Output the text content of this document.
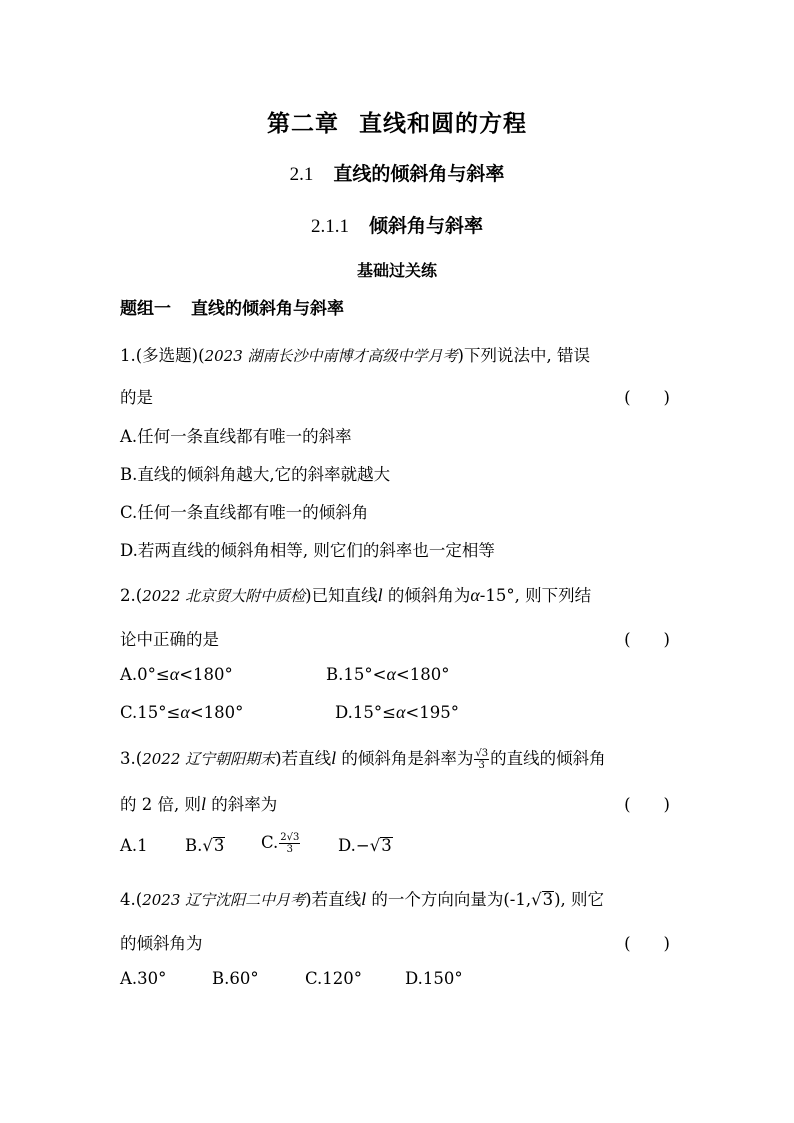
第二章 直线和圆的方程
2.1 直线的倾斜角与斜率
2.1.1 倾斜角与斜率
基础过关练
题组一 直线的倾斜角与斜率
1.(多选题)(2023 湖南长沙中南博才高级中学月考)下列说法中, 错误
的是	(　　)
A.任何一条直线都有唯一的斜率
B.直线的倾斜角越大,它的斜率就越大
C.任何一条直线都有唯一的倾斜角
D.若两直线的倾斜角相等, 则它们的斜率也一定相等
2.(2022 北京贸大附中质检)已知直线l 的倾斜角为α-15°, 则下列结
论中正确的是	(　　)
A.0°≤α<180°	B.15°<α<180°
C.15°≤α<180°	D.15°≤α<195°
3.(2022 辽宁朝阳期末)若直线l 的倾斜角是斜率为 $\frac{√3}{3}$ 的直线的倾斜角
的 2 倍, 则l 的斜率为	(　　)
A.1 B.√3 C. $\frac{2√3}{3} D.-√3$
4.(2023 辽宁沈阳二中月考)若直线l 的一个方向向量为(-1,√3), 则它
的倾斜角为	(　　)
A.30°	B.60°	C.120°	D.150°
